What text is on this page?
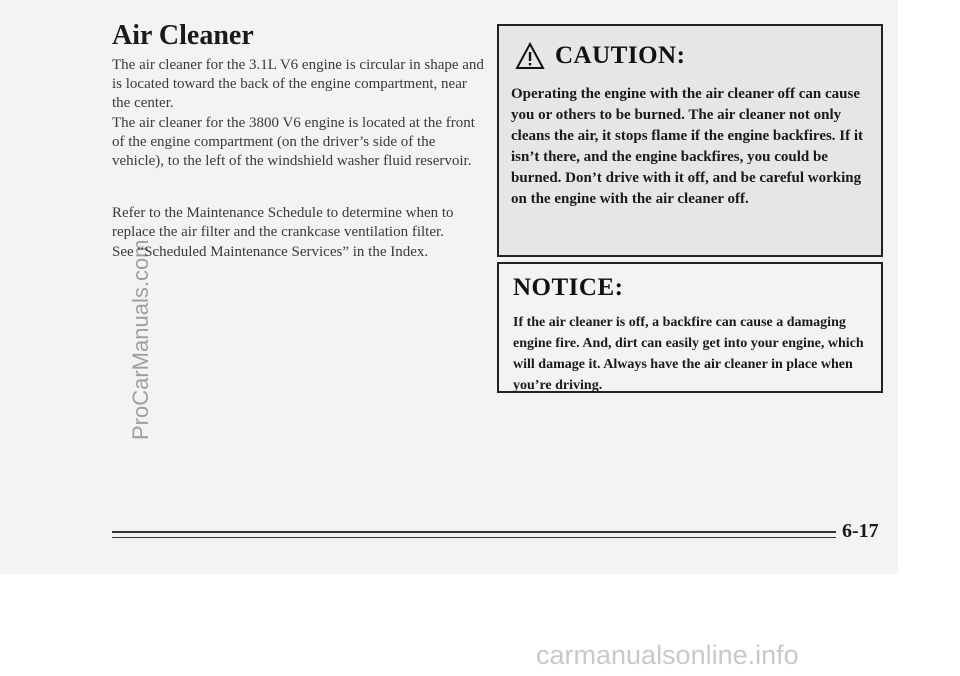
Air Cleaner

The air cleaner for the 3.1L V6 engine is circular in shape and is located toward the back of the engine compartment, near the center.

The air cleaner for the 3800 V6 engine is located at the front of the engine compartment (on the driver’s side of the vehicle), to the left of the windshield washer fluid reservoir.

Refer to the Maintenance Schedule to determine when to replace the air filter and the crankcase ventilation filter.

See “Scheduled Maintenance Services” in the Index.

CAUTION:

Operating the engine with the air cleaner off can cause you or others to be burned. The air cleaner not only cleans the air, it stops flame if the engine backfires. If it isn’t there, and the engine backfires, you could be burned. Don’t drive with it off, and be careful working on the engine with the air cleaner off.

NOTICE:

If the air cleaner is off, a backfire can cause a damaging engine fire. And, dirt can easily get into your engine, which will damage it. Always have the air cleaner in place when you’re driving.

6-17
ProCarManuals.com
carmanualsonline.info
